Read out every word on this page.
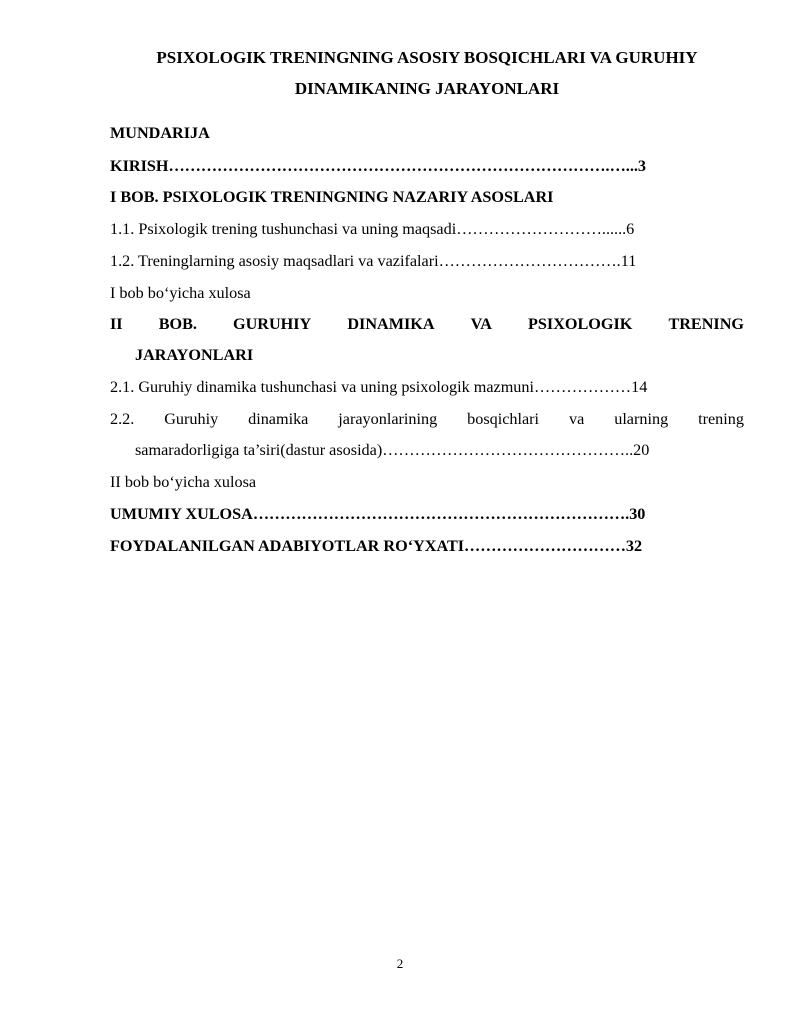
PSIXOLOGIK TRENINGNING ASOSIY BOSQICHLARI VA GURUHIY
DINAMIKANING JARAYONLARI
MUNDARIJA
KIRISH……………………………………………………………………….…...3
I BOB. PSIXOLOGIK TRENINGNING NAZARIY ASOSLARI
1.1. Psixologik trening tushunchasi va uning maqsadi………………………......6
1.2. Treninglarning asosiy maqsadlari va vazifalari…………………………….11
I bob bo‘yicha xulosa
II BOB. GURUHIY DINAMIKA VA PSIXOLOGIK TRENING
JARAYONLARI
2.1. Guruhiy dinamika tushunchasi va uning psixologik mazmuni………………14
2.2. Guruhiy dinamika jarayonlarining bosqichlari va ularning trening
samaradorligiga ta’siri(dastur asosida)………………………………………..20
II bob bo‘yicha xulosa
UMUMIY XULOSA…………………………………………………………….30
FOYDALANILGAN ADABIYOTLAR RO‘YXATI…………………………32
2
